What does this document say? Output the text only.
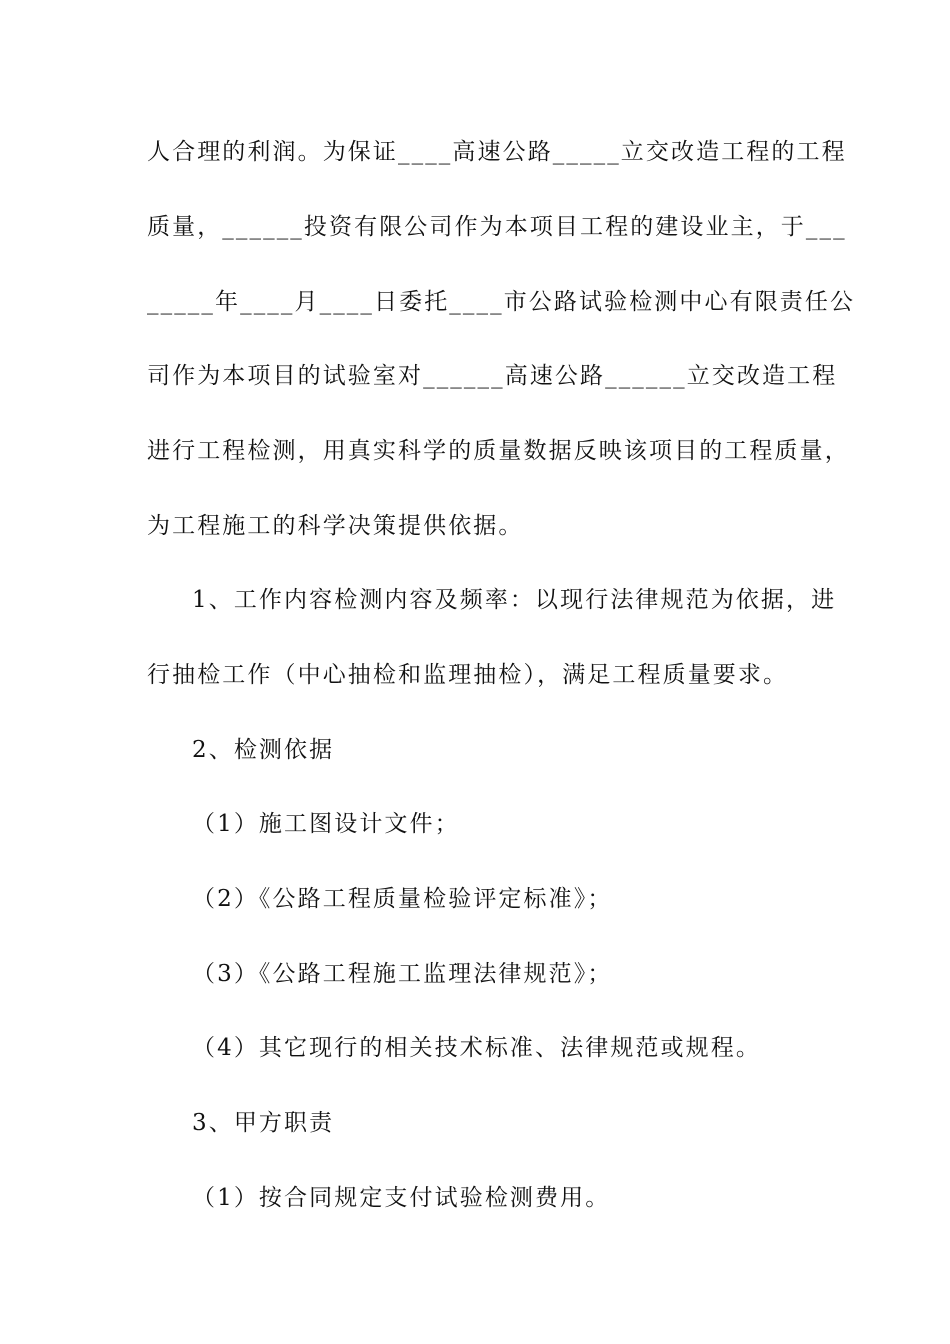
人合理的利润。为保证____高速公路_____立交改造工程的工程
质量，______投资有限公司作为本项目工程的建设业主，于___
_____年____月____日委托____市公路试验检测中心有限责任公
司作为本项目的试验室对______高速公路______立交改造工程
进行工程检测，用真实科学的质量数据反映该项目的工程质量，
为工程施工的科学决策提供依据。
1、工作内容检测内容及频率：以现行法律规范为依据，进
行抽检工作（中心抽检和监理抽检），满足工程质量要求。
2、检测依据
（1）施工图设计文件；
（2）《公路工程质量检验评定标准》；
（3）《公路工程施工监理法律规范》；
（4）其它现行的相关技术标准、法律规范或规程。
3、甲方职责
（1）按合同规定支付试验检测费用。
